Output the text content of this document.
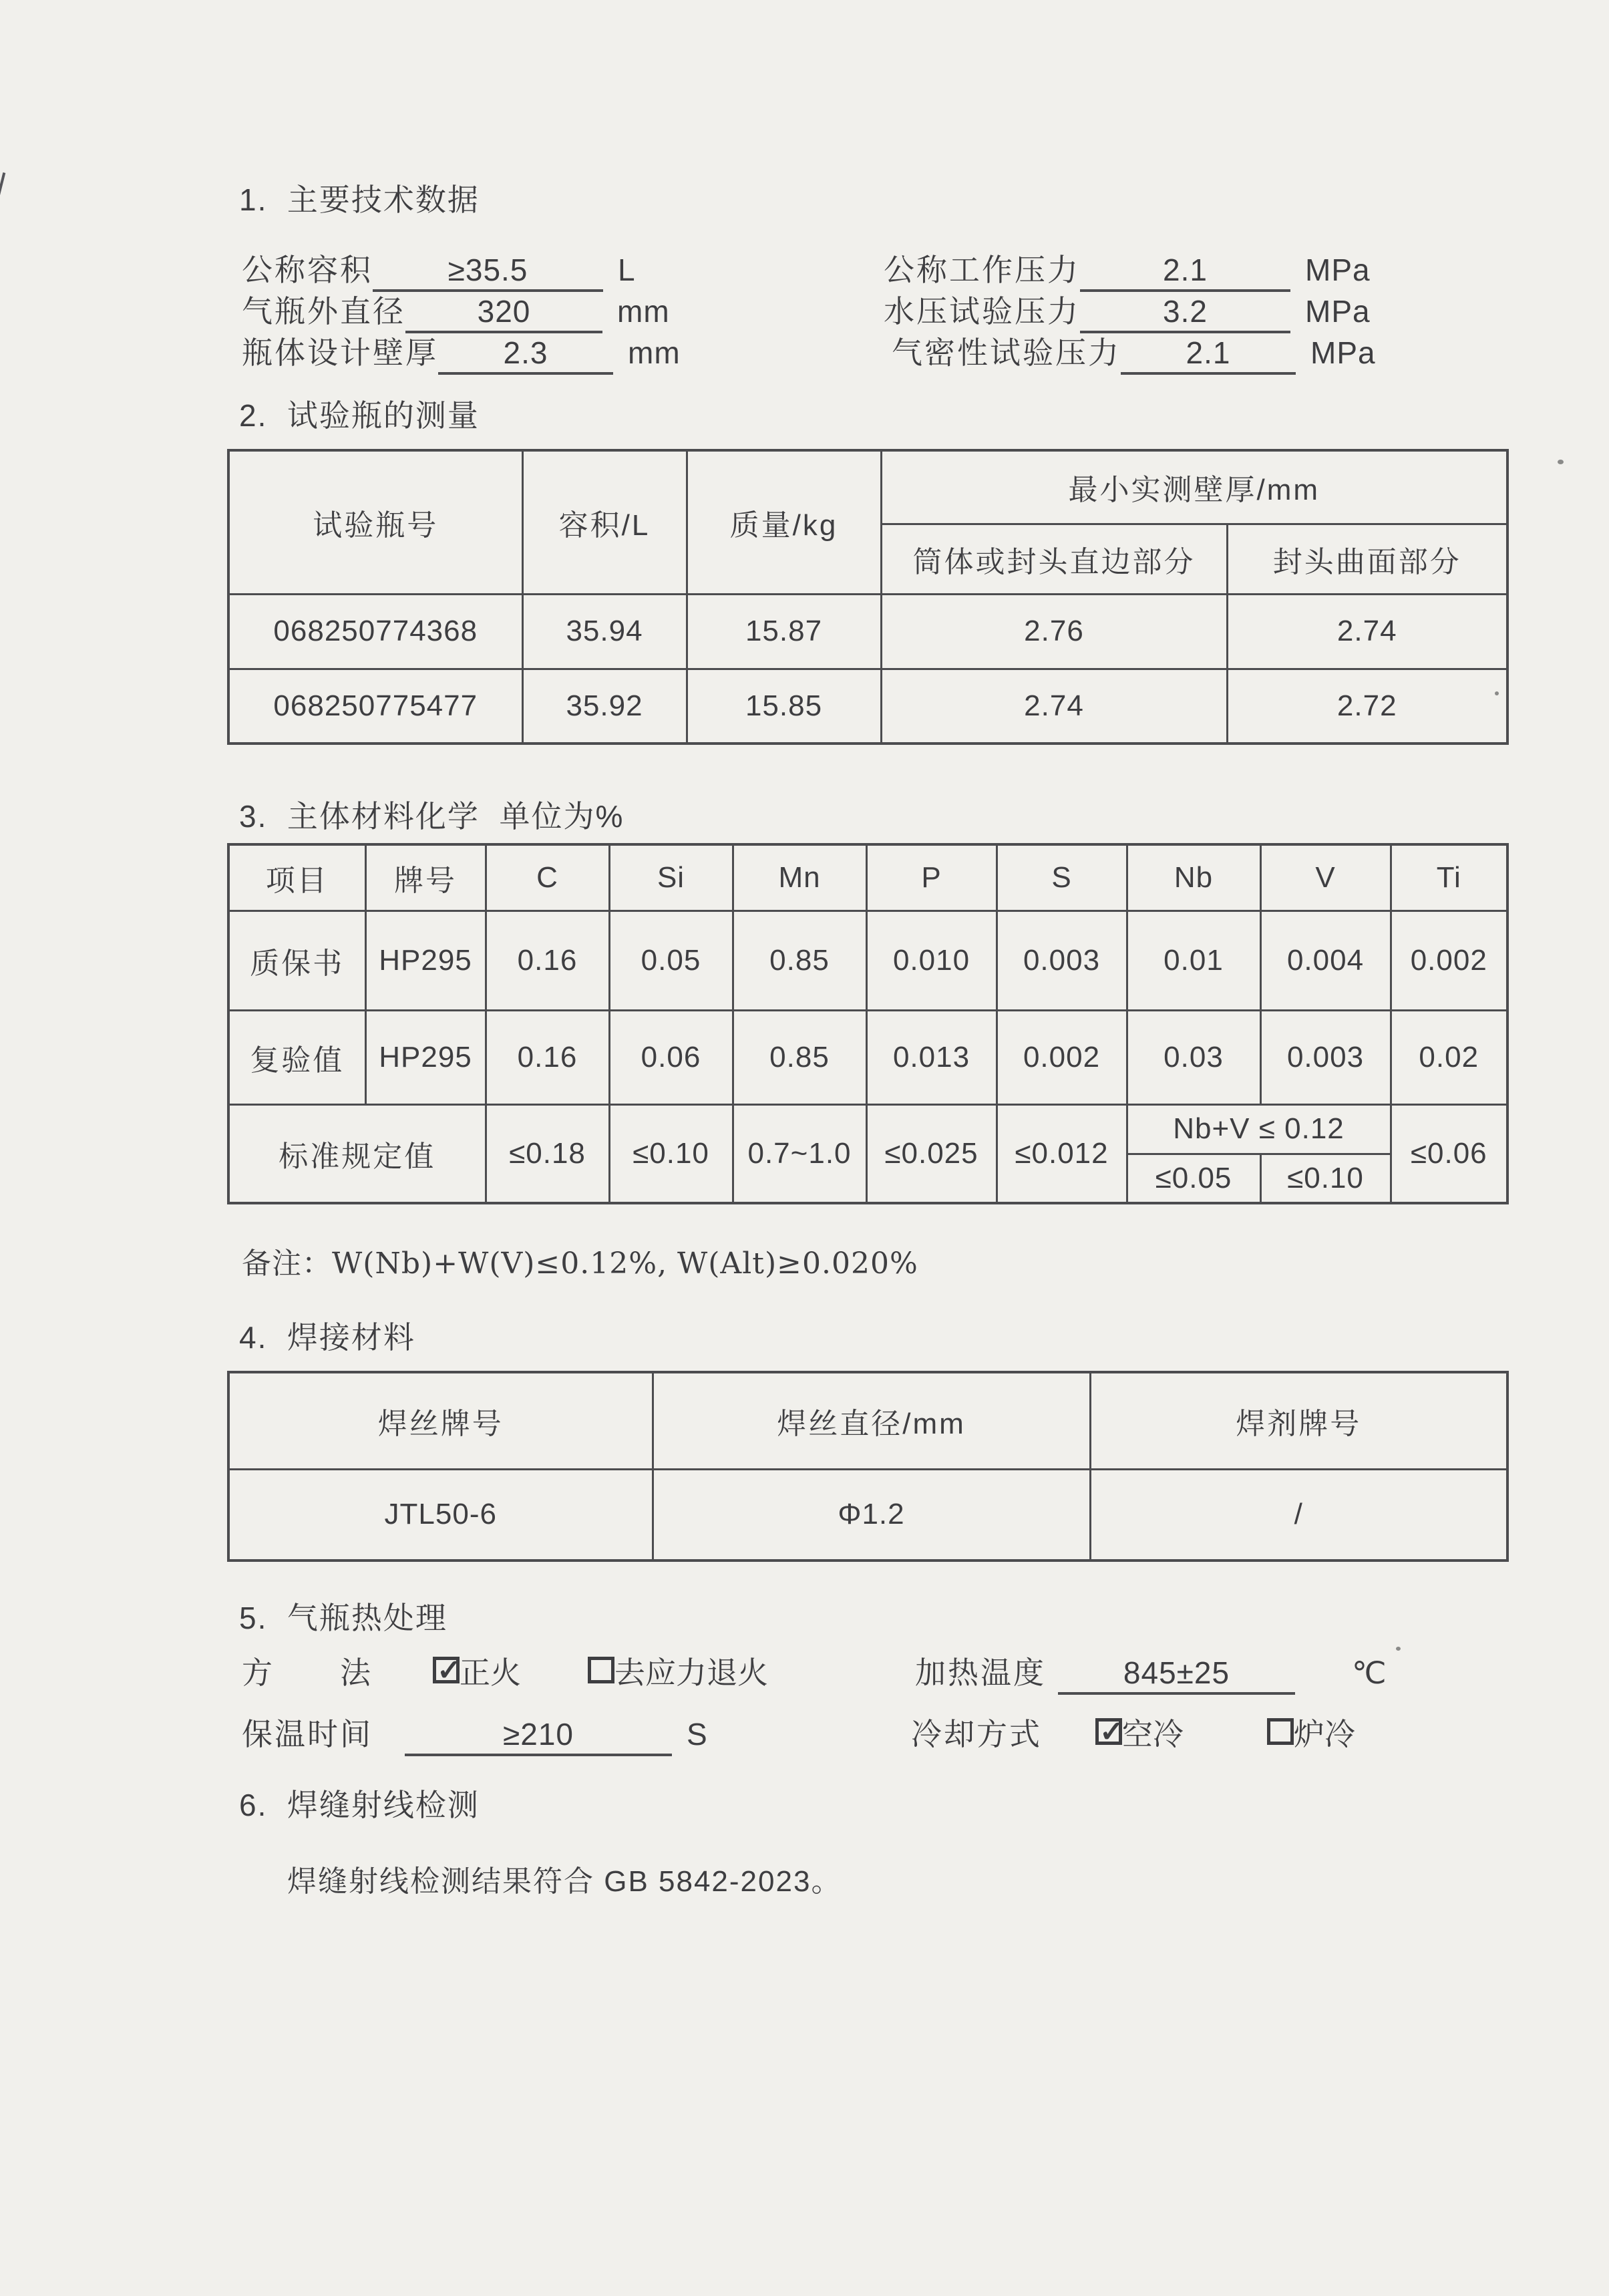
1.  主要技术数据
公称容积	≥35.5	L
气瓶外直径	320	mm
瓶体设计壁厚	2.3	mm
公称工作压力	2.1	MPa
水压试验压力	3.2	MPa
气密性试验压力	2.1	MPa
2.  试验瓶的测量
试验瓶号	容积/L	质量/kg	最小实测壁厚/mm	
			筒体或封头直边部分	封头曲面部分
068250774368	35.94	15.87	2.76	2.74
068250775477	35.92	15.85	2.74	2.72
3.  主体材料化学  单位为%
项目	牌号	C	Si	Mn	P	S	Nb	V	Ti
质保书	HP295	0.16	0.05	0.85	0.010	0.003	0.01	0.004	0.002
复验值	HP295	0.16	0.06	0.85	0.013	0.002	0.03	0.003	0.02
标准规定值		≤0.18	≤0.10	0.7~1.0	≤0.025	≤0.012	Nb+V ≤ 0.12		≤0.06
							≤0.05	≤0.10	
备注：W(Nb)+W(V)≤0.12%, W(Alt)≥0.020%
4.  焊接材料
焊丝牌号	焊丝直径/mm	焊剂牌号
JTL50-6	Φ1.2	/
5.  气瓶热处理
方　　法 ✓	正火	去应力退火	加热温度	845±25	℃
保温时间	≥210	S	冷却方式 ✓	空冷	炉冷
6.  焊缝射线检测
焊缝射线检测结果符合 GB 5842-2023。
